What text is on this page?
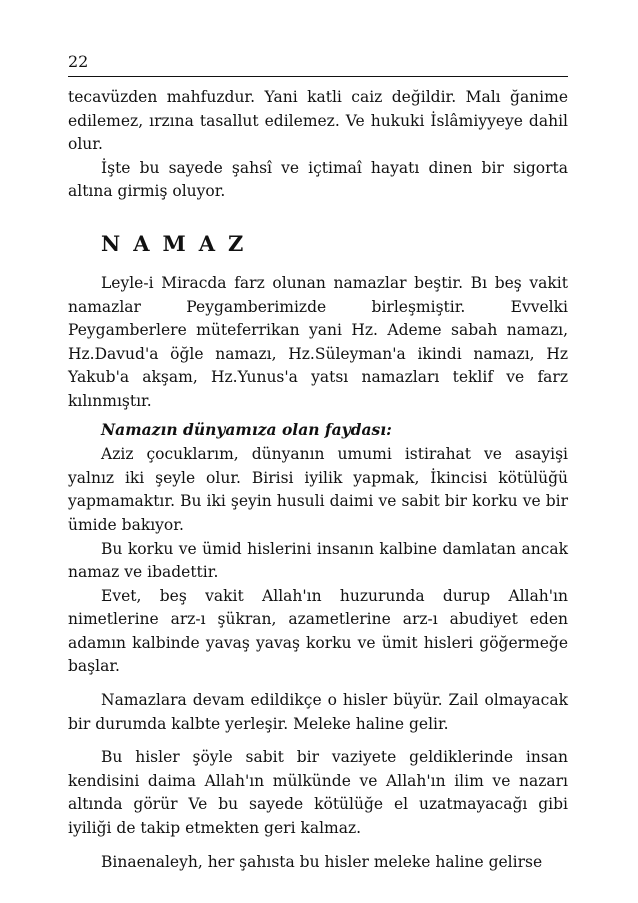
22

tecavüzden mahfuzdur. Yani katli caiz değildir. Malı ğanime edilemez, ırzına tasallut edilemez. Ve hukuki İslâmiyyeye dahil olur.

İşte bu sayede şahsî ve içtimaî hayatı dinen bir sigorta altına girmiş oluyor.

NAMAZ

Leyle-i Miracda farz olunan namazlar beştir. Bı beş vakit namazlar Peygamberimizde birleşmiştir. Evvelki Peygamberlere müteferrikan yani Hz. Ademe sabah namazı, Hz.Davud'a öğle namazı, Hz.Süleyman'a ikindi namazı, Hz Yakub'a akşam, Hz.Yunus'a yatsı namazları teklif ve farz kılınmıştır.

Namazın dünyamıza olan faydası:

Aziz çocuklarım, dünyanın umumi istirahat ve asayişi yalnız iki şeyle olur. Birisi iyilik yapmak, İkincisi kötülüğü yapmamaktır. Bu iki şeyin husuli daimi ve sabit bir korku ve bir ümide bakıyor.

Bu korku ve ümid hislerini insanın kalbine damlatan ancak namaz ve ibadettir.

Evet, beş vakit Allah'ın huzurunda durup Allah'ın nimetlerine arz-ı şükran, azametlerine arz-ı abudiyet eden adamın kalbinde yavaş yavaş korku ve ümit hisleri göğermeğe başlar.

Namazlara devam edildikçe o hisler büyür. Zail olmayacak bir durumda kalbte yerleşir. Meleke haline gelir.

Bu hisler şöyle sabit bir vaziyete geldiklerinde insan kendisini daima Allah'ın mülkünde ve Allah'ın ilim ve nazarı altında görür Ve bu sayede kötülüğe el uzatmayacağı gibi iyiliği de takip etmekten geri kalmaz.

Binaenaleyh, her şahısta bu hisler meleke haline gelirse
